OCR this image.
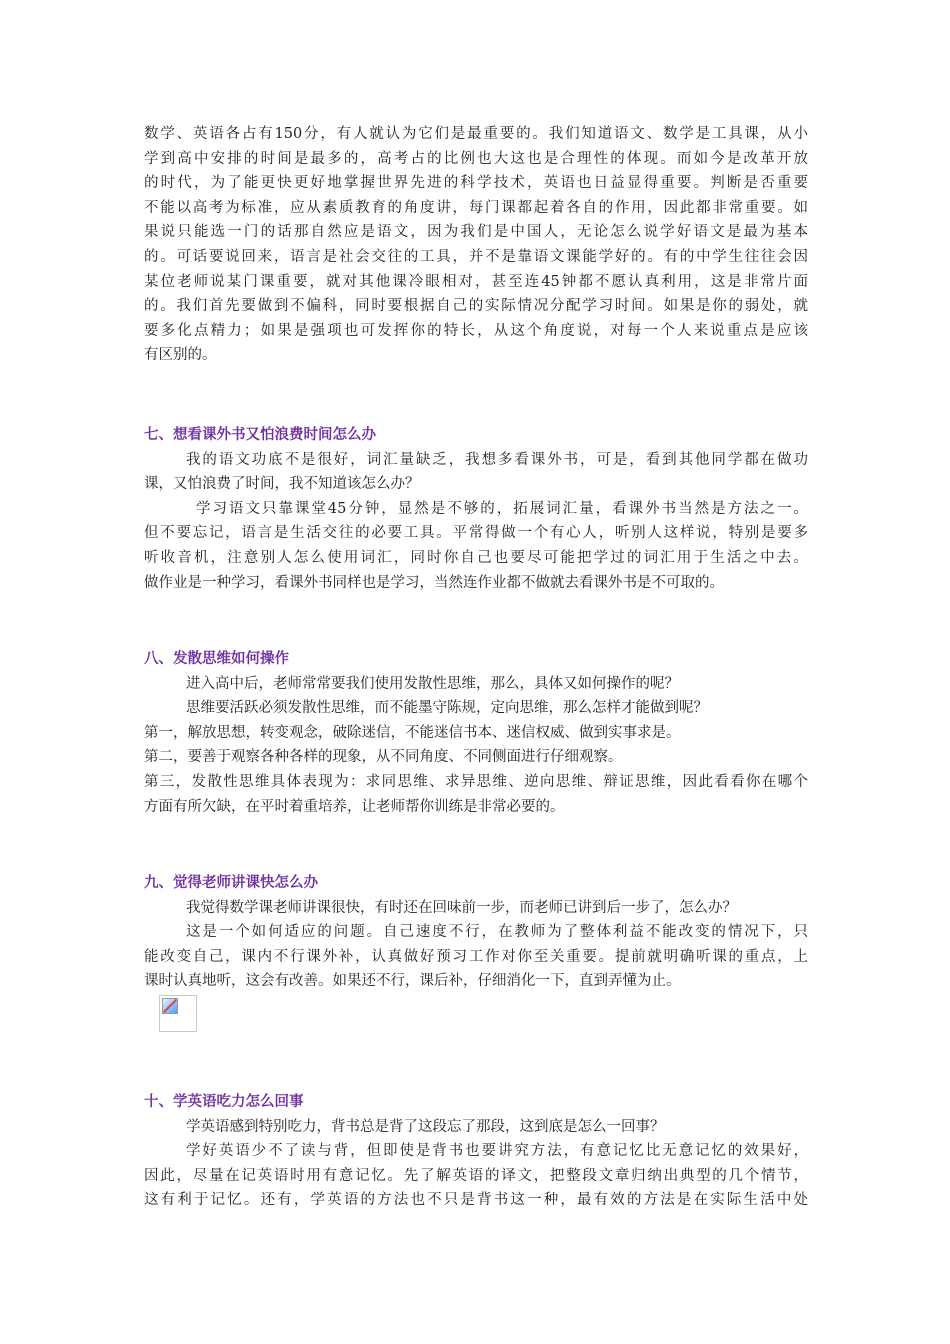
数学、英语各占有150分，有人就认为它们是最重要的。我们知道语文、数学是工具课，从小
学到高中安排的时间是最多的，高考占的比例也大这也是合理性的体现。而如今是改革开放
的时代，为了能更快更好地掌握世界先进的科学技术，英语也日益显得重要。判断是否重要
不能以高考为标准，应从素质教育的角度讲，每门课都起着各自的作用，因此都非常重要。如
果说只能选一门的话那自然应是语文，因为我们是中国人，无论怎么说学好语文是最为基本
的。可话要说回来，语言是社会交往的工具，并不是靠语文课能学好的。有的中学生往往会因
某位老师说某门课重要，就对其他课冷眼相对，甚至连45钟都不愿认真利用，这是非常片面
的。我们首先要做到不偏科，同时要根据自己的实际情况分配学习时间。如果是你的弱处，就
要多化点精力；如果是强项也可发挥你的特长，从这个角度说，对每一个人来说重点是应该
有区别的。
七、想看课外书又怕浪费时间怎么办
我的语文功底不是很好，词汇量缺乏，我想多看课外书，可是，看到其他同学都在做功
课，又怕浪费了时间，我不知道该怎么办？
学习语文只靠课堂45分钟，显然是不够的，拓展词汇量，看课外书当然是方法之一。
但不要忘记，语言是生活交往的必要工具。平常得做一个有心人，听别人这样说，特别是要多
听收音机，注意别人怎么使用词汇，同时你自己也要尽可能把学过的词汇用于生活之中去。
做作业是一种学习，看课外书同样也是学习，当然连作业都不做就去看课外书是不可取的。
八、发散思维如何操作
进入高中后，老师常常要我们使用发散性思维，那么，具体又如何操作的呢？
思维要活跃必须发散性思维，而不能墨守陈规，定向思维，那么怎样才能做到呢？
第一，解放思想，转变观念，破除迷信，不能迷信书本、迷信权威、做到实事求是。
第二，要善于观察各种各样的现象，从不同角度、不同侧面进行仔细观察。
第三，发散性思维具体表现为：求同思维、求异思维、逆向思维、辩证思维，因此看看你在哪个
方面有所欠缺，在平时着重培养，让老师帮你训练是非常必要的。
九、觉得老师讲课快怎么办
我觉得数学课老师讲课很快，有时还在回味前一步，而老师已讲到后一步了，怎么办？
这是一个如何适应的问题。自己速度不行，在教师为了整体利益不能改变的情况下，只
能改变自己，课内不行课外补，认真做好预习工作对你至关重要。提前就明确听课的重点，上
课时认真地听，这会有改善。如果还不行，课后补，仔细消化一下，直到弄懂为止。
十、学英语吃力怎么回事
学英语感到特别吃力，背书总是背了这段忘了那段，这到底是怎么一回事？
学好英语少不了读与背，但即使是背书也要讲究方法，有意记忆比无意记忆的效果好，
因此，尽量在记英语时用有意记忆。先了解英语的译文，把整段文章归纳出典型的几个情节，
这有利于记忆。还有，学英语的方法也不只是背书这一种，最有效的方法是在实际生活中处
